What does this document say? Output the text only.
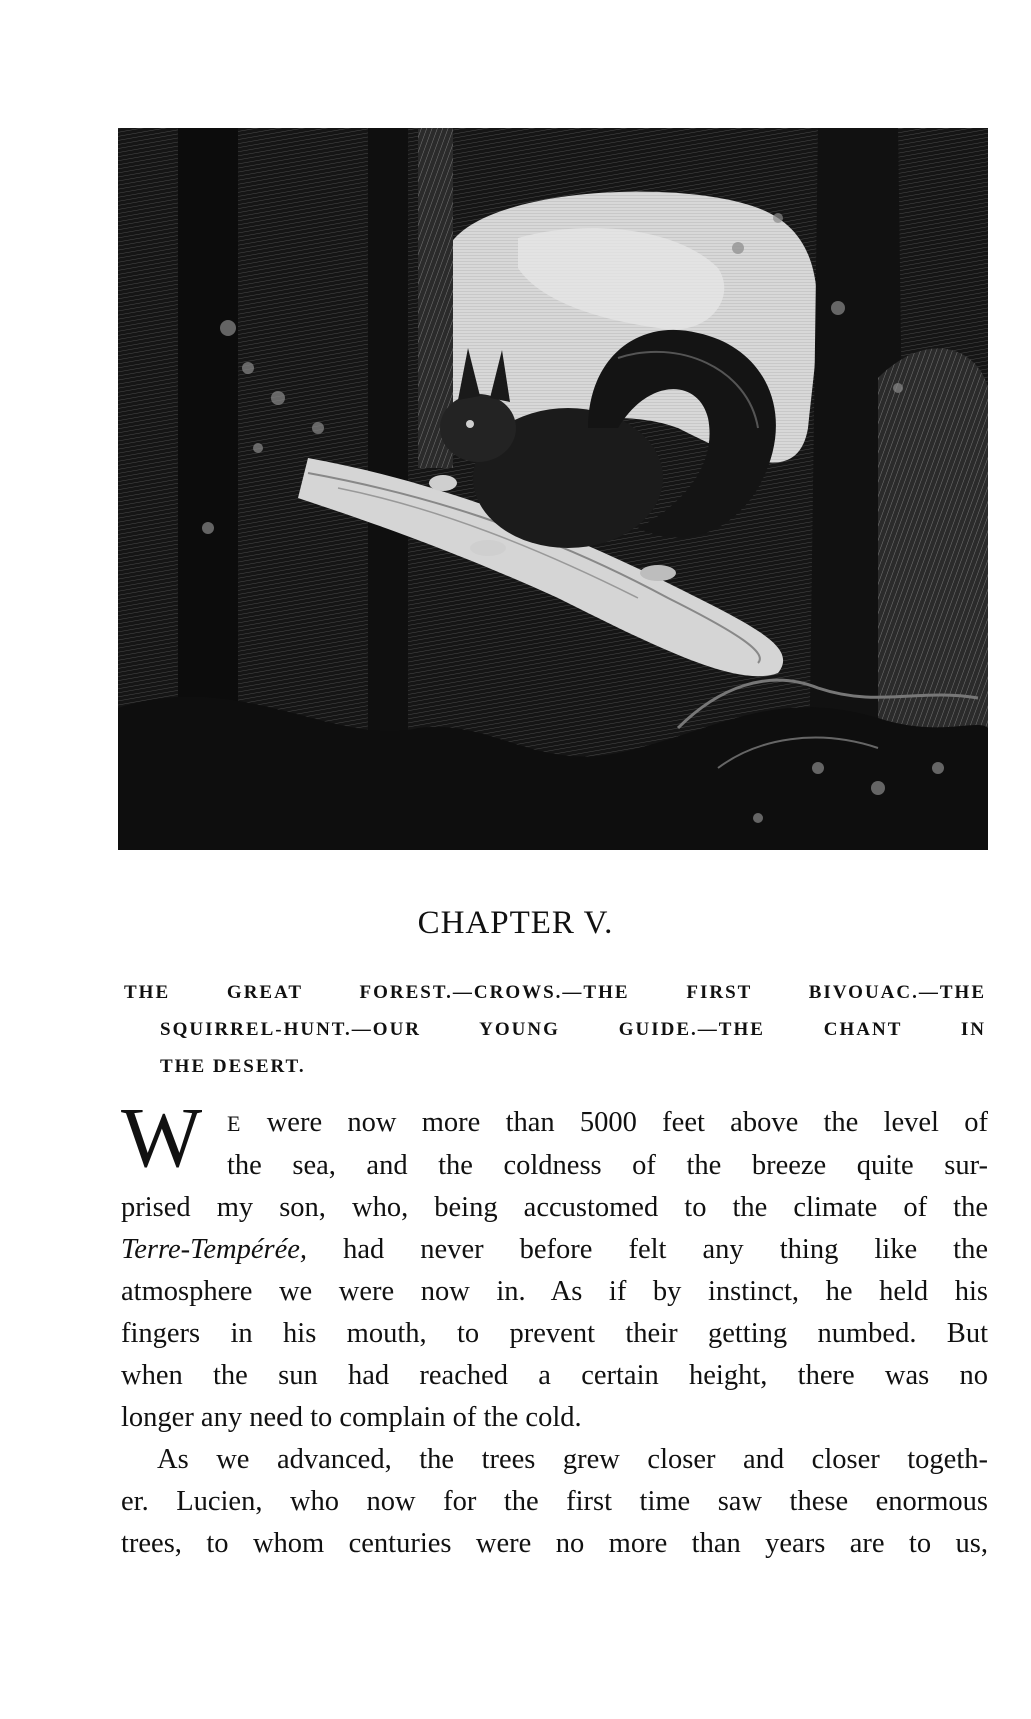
CHAPTER V.
THE GREAT FOREST.—CROWS.—THE FIRST BIVOUAC.—THE
SQUIRREL-HUNT.—OUR YOUNG GUIDE.—THE CHANT IN
THE DESERT.
W	E were now more than 5000 feet above the level of
the sea, and the coldness of the breeze quite sur-
prised my son, who, being accustomed to the climate of the
Terre-Tempérée, had never before felt any thing like the
atmosphere we were now in. As if by instinct, he held his
fingers in his mouth, to prevent their getting numbed. But
when the sun had reached a certain height, there was no
longer any need to complain of the cold.
As we advanced, the trees grew closer and closer togeth-
er. Lucien, who now for the first time saw these enormous
trees, to whom centuries were no more than years are to us,
